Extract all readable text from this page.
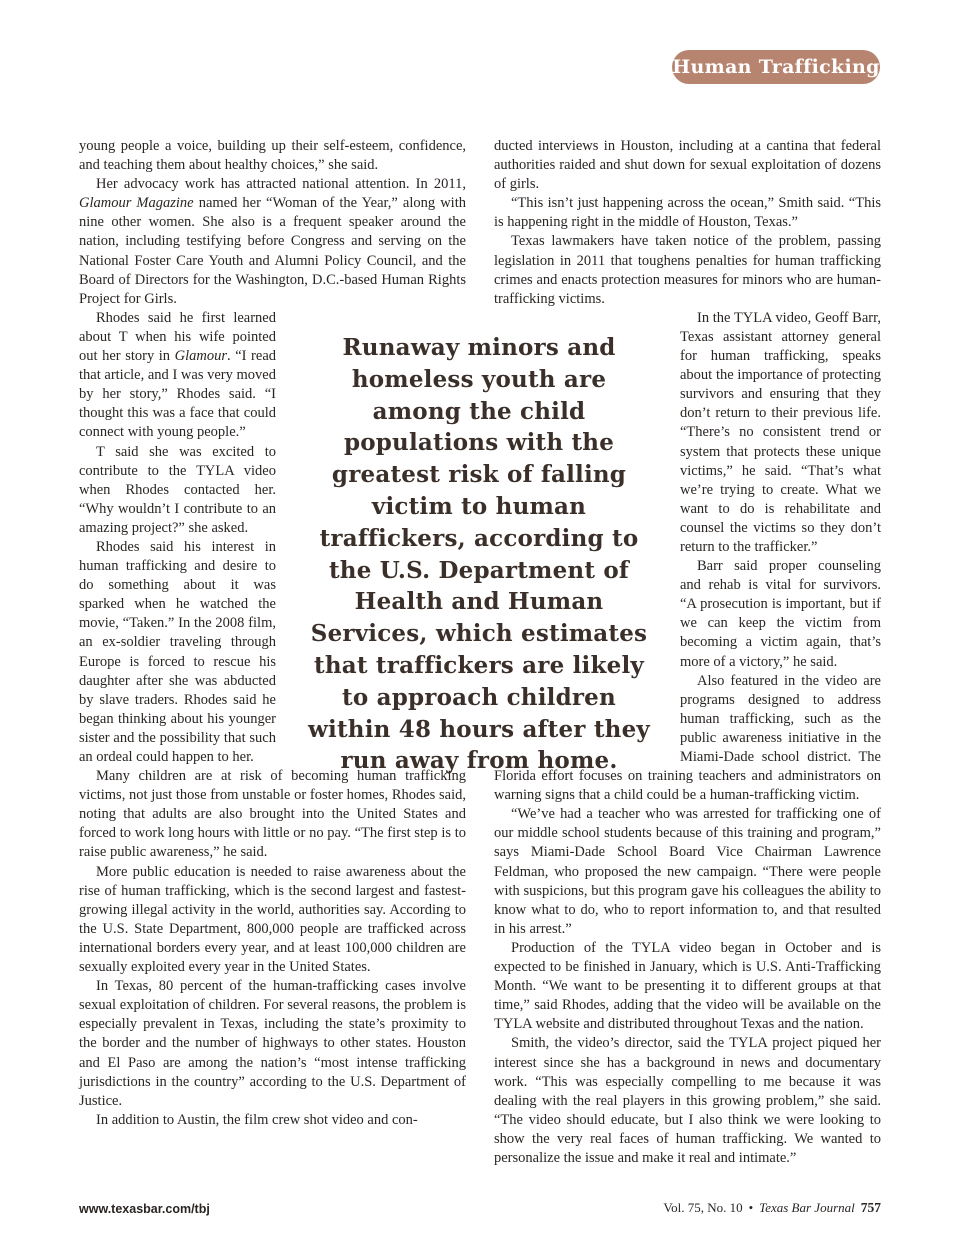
Human Trafficking

young people a voice, building up their self-esteem, confidence, and teaching them about healthy choices,” she said.

Her advocacy work has attracted national attention. In 2011, Glamour Magazine named her “Woman of the Year,” along with nine other women. She also is a frequent speaker around the nation, including testifying before Congress and serving on the National Foster Care Youth and Alumni Policy Council, and the Board of Directors for the Washington, D.C.-based Human Rights Project for Girls.

Rhodes said he first learned about T when his wife pointed out her story in Glamour. “I read that article, and I was very moved by her story,” Rhodes said. “I thought this was a face that could connect with young people.”

T said she was excited to contribute to the TYLA video when Rhodes contacted her. “Why wouldn’t I contribute to an amazing project?” she asked.

Rhodes said his interest in human trafficking and desire to do something about it was sparked when he watched the movie, “Taken.” In the 2008 film, an ex-soldier traveling through Europe is forced to rescue his daughter after she was abducted by slave traders. Rhodes said he began thinking about his younger sister and the possibility that such an ordeal could happen to her.

Many children are at risk of becoming human trafficking victims, not just those from unstable or foster homes, Rhodes said, noting that adults are also brought into the United States and forced to work long hours with little or no pay. “The first step is to raise public awareness,” he said.

More public education is needed to raise awareness about the rise of human trafficking, which is the second largest and fastest-growing illegal activity in the world, authorities say. According to the U.S. State Department, 800,000 people are trafficked across international borders every year, and at least 100,000 children are sexually exploited every year in the United States.

In Texas, 80 percent of the human-trafficking cases involve sexual exploitation of children. For several reasons, the problem is especially prevalent in Texas, including the state’s proximity to the border and the number of highways to other states. Houston and El Paso are among the nation’s “most intense trafficking jurisdictions in the country” according to the U.S. Department of Justice.

In addition to Austin, the film crew shot video and con-

ducted interviews in Houston, including at a cantina that federal authorities raided and shut down for sexual exploitation of dozens of girls.

“This isn’t just happening across the ocean,” Smith said. “This is happening right in the middle of Houston, Texas.”

Texas lawmakers have taken notice of the problem, passing legislation in 2011 that toughens penalties for human trafficking crimes and enacts protection measures for minors who are human-trafficking victims.

In the TYLA video, Geoff Barr, Texas assistant attorney general for human trafficking, speaks about the importance of protecting survivors and ensuring that they don’t return to their previous life. “There’s no consistent trend or system that protects these unique victims,” he said. “That’s what we’re trying to create. What we want to do is rehabilitate and counsel the victims so they don’t return to the trafficker.”

Barr said proper counseling and rehab is vital for survivors. “A prosecution is important, but if we can keep the victim from becoming a victim again, that’s more of a victory,” he said.

Also featured in the video are programs designed to address human trafficking, such as the public awareness initiative in the Miami-Dade school district. The Florida effort focuses on training teachers and administrators on warning signs that a child could be a human-trafficking victim.

“We’ve had a teacher who was arrested for trafficking one of our middle school students because of this training and program,” says Miami-Dade School Board Vice Chairman Lawrence Feldman, who proposed the new campaign. “There were people with suspicions, but this program gave his colleagues the ability to know what to do, who to report information to, and that resulted in his arrest.”

Production of the TYLA video began in October and is expected to be finished in January, which is U.S. Anti-Trafficking Month. “We want to be presenting it to different groups at that time,” said Rhodes, adding that the video will be available on the TYLA website and distributed throughout Texas and the nation.

Smith, the video’s director, said the TYLA project piqued her interest since she has a background in news and documentary work. “This was especially compelling to me because it was dealing with the real players in this growing problem,” she said. “The video should educate, but I also think we were looking to show the very real faces of human trafficking. We wanted to personalize the issue and make it real and intimate.”

Runaway minors and homeless youth are among the child populations with the greatest risk of falling victim to human traffickers, according to the U.S. Department of Health and Human Services, which estimates that traffickers are likely to approach children within 48 hours after they run away from home.
www.texasbar.com/tbj	Vol. 75, No. 10 • Texas Bar Journal 757
